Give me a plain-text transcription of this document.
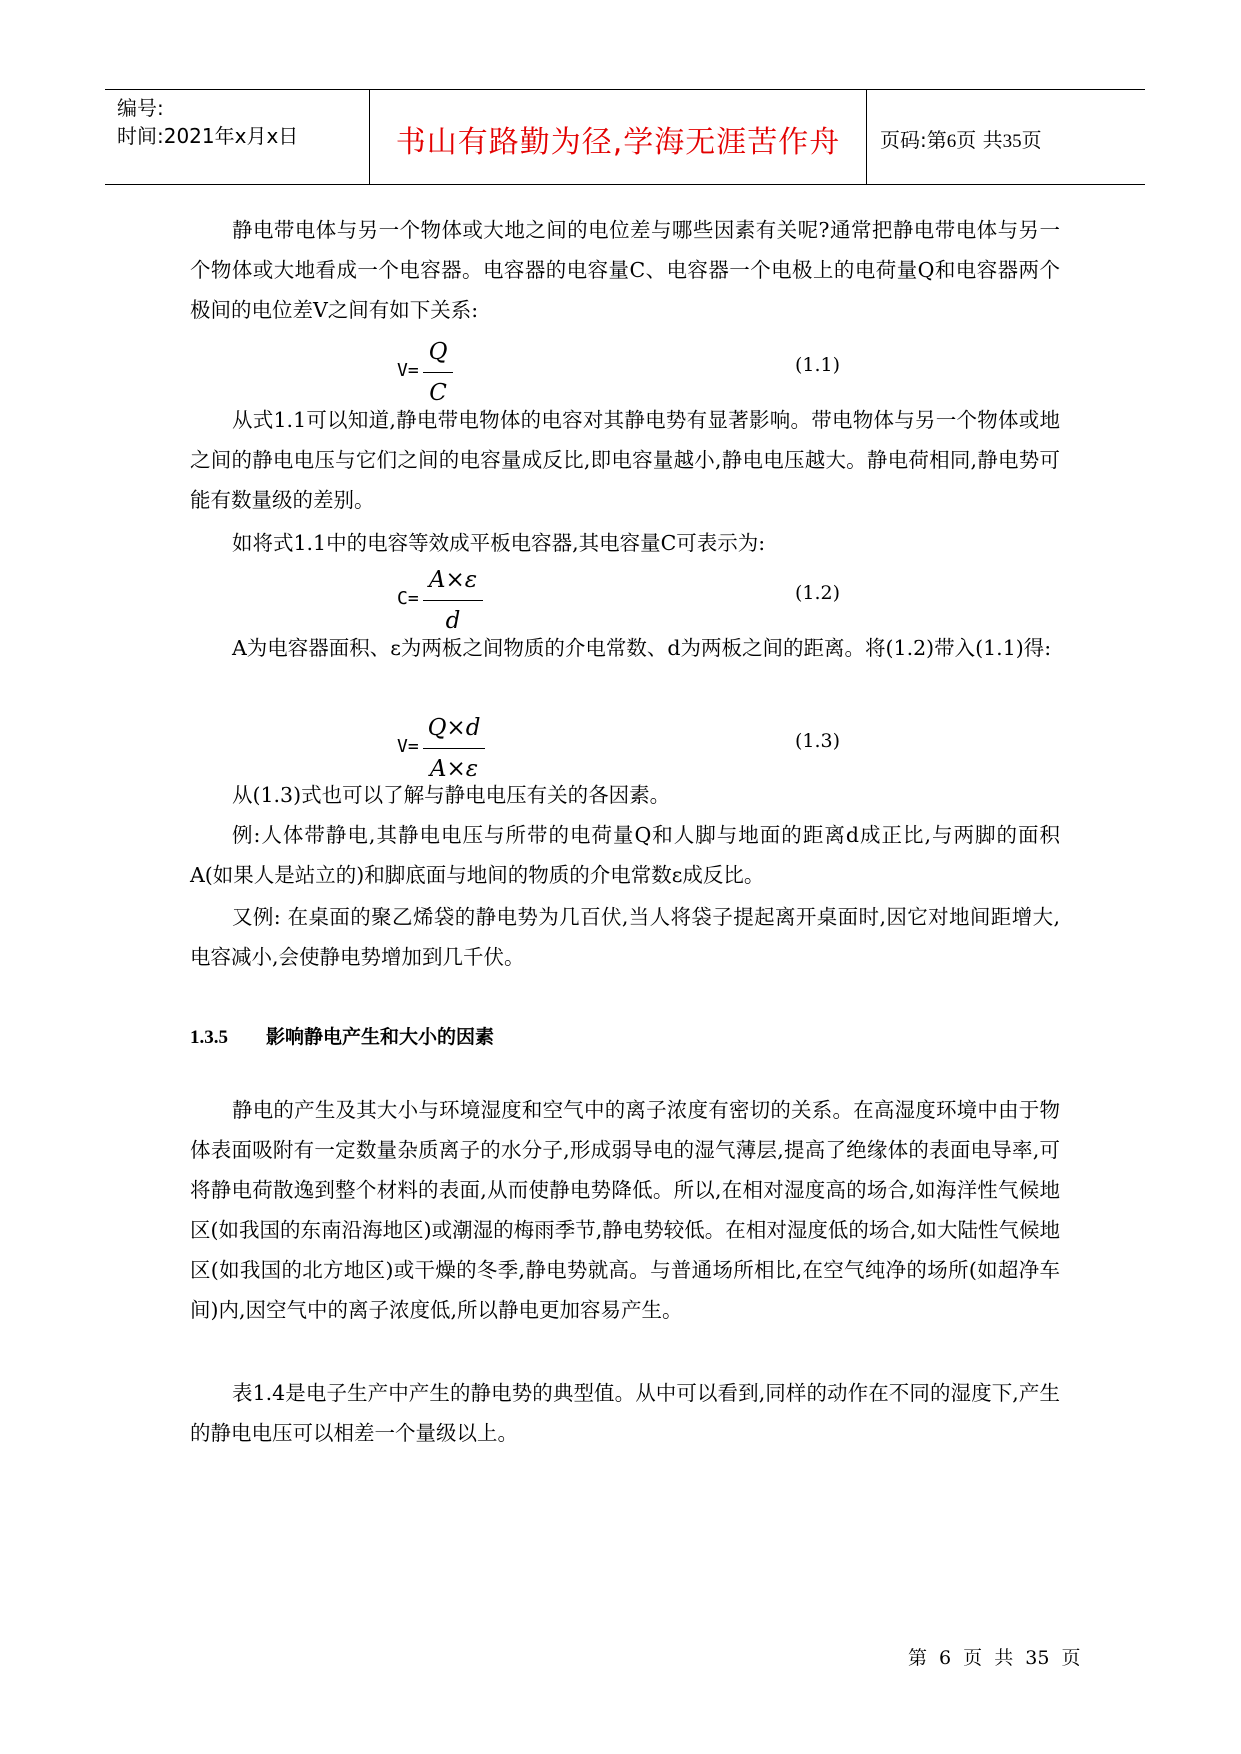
编号:
时间:2021年x月x日	书山有路勤为径,学海无涯苦作舟	页码:第6页 共35页
静电带电体与另一个物体或大地之间的电位差与哪些因素有关呢?通常把静电带电体与另一个物体或大地看成一个电容器。电容器的电容量C、电容器一个电极上的电荷量Q和电容器两个极间的电位差V之间有如下关系:
V=
Q
C
(1.1)
从式1.1可以知道,静电带电物体的电容对其静电势有显著影响。带电物体与另一个物体或地之间的静电电压与它们之间的电容量成反比,即电容量越小,静电电压越大。静电荷相同,静电势可能有数量级的差别。
如将式1.1中的电容等效成平板电容器,其电容量C可表示为:
C=
A×ε
d
(1.2)
A为电容器面积、ε为两板之间物质的介电常数、d为两板之间的距离。将(1.2)带入(1.1)得:
V=
Q×d
A×ε
(1.3)
从(1.3)式也可以了解与静电电压有关的各因素。
例:人体带静电,其静电电压与所带的电荷量Q和人脚与地面的距离d成正比,与两脚的面积A(如果人是站立的)和脚底面与地间的物质的介电常数ε成反比。
又例: 在桌面的聚乙烯袋的静电势为几百伏,当人将袋子提起离开桌面时,因它对地间距增大,电容减小,会使静电势增加到几千伏。
1.3.5 影响静电产生和大小的因素
静电的产生及其大小与环境湿度和空气中的离子浓度有密切的关系。在高湿度环境中由于物体表面吸附有一定数量杂质离子的水分子,形成弱导电的湿气薄层,提高了绝缘体的表面电导率,可将静电荷散逸到整个材料的表面,从而使静电势降低。所以,在相对湿度高的场合,如海洋性气候地区(如我国的东南沿海地区)或潮湿的梅雨季节,静电势较低。在相对湿度低的场合,如大陆性气候地区(如我国的北方地区)或干燥的冬季,静电势就高。与普通场所相比,在空气纯净的场所(如超净车间)内,因空气中的离子浓度低,所以静电更加容易产生。
表1.4是电子生产中产生的静电势的典型值。从中可以看到,同样的动作在不同的湿度下,产生的静电电压可以相差一个量级以上。
第 6 页 共 35 页
